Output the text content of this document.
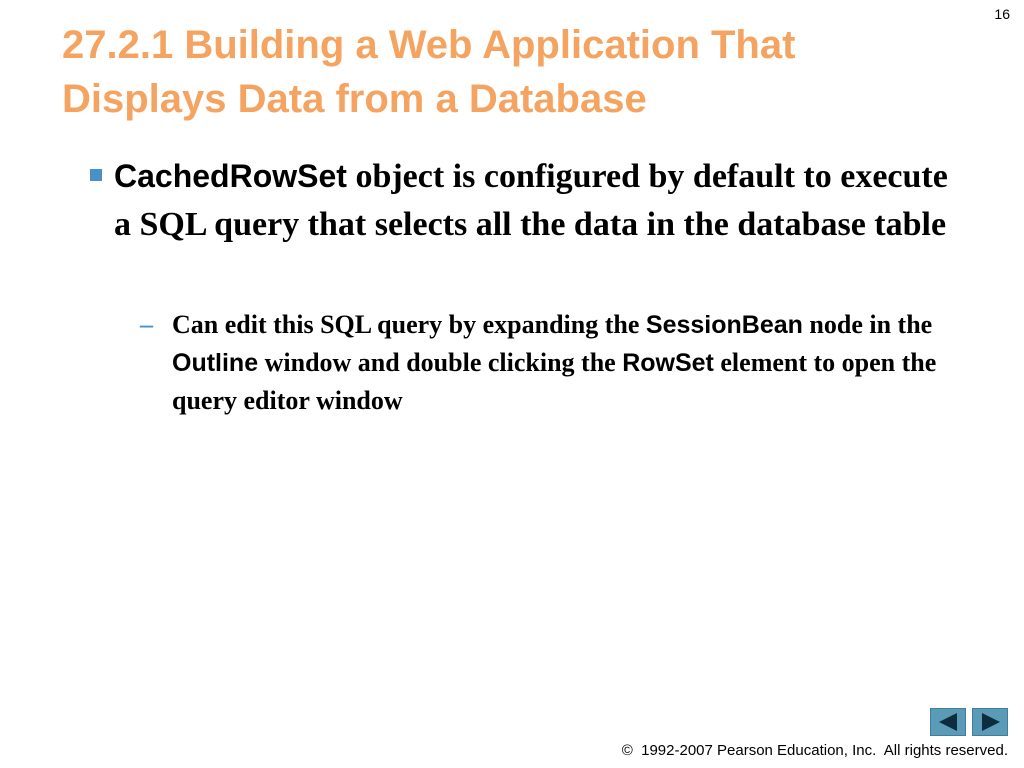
16
27.2.1 Building a Web Application That
Displays Data from a Database
CachedRowSet object is configured by default to execute a SQL query that selects all the data in the database table
– Can edit this SQL query by expanding the SessionBean node in the Outline window and double clicking the RowSet element to open the query editor window
©  1992-2007 Pearson Education, Inc.  All rights reserved.
